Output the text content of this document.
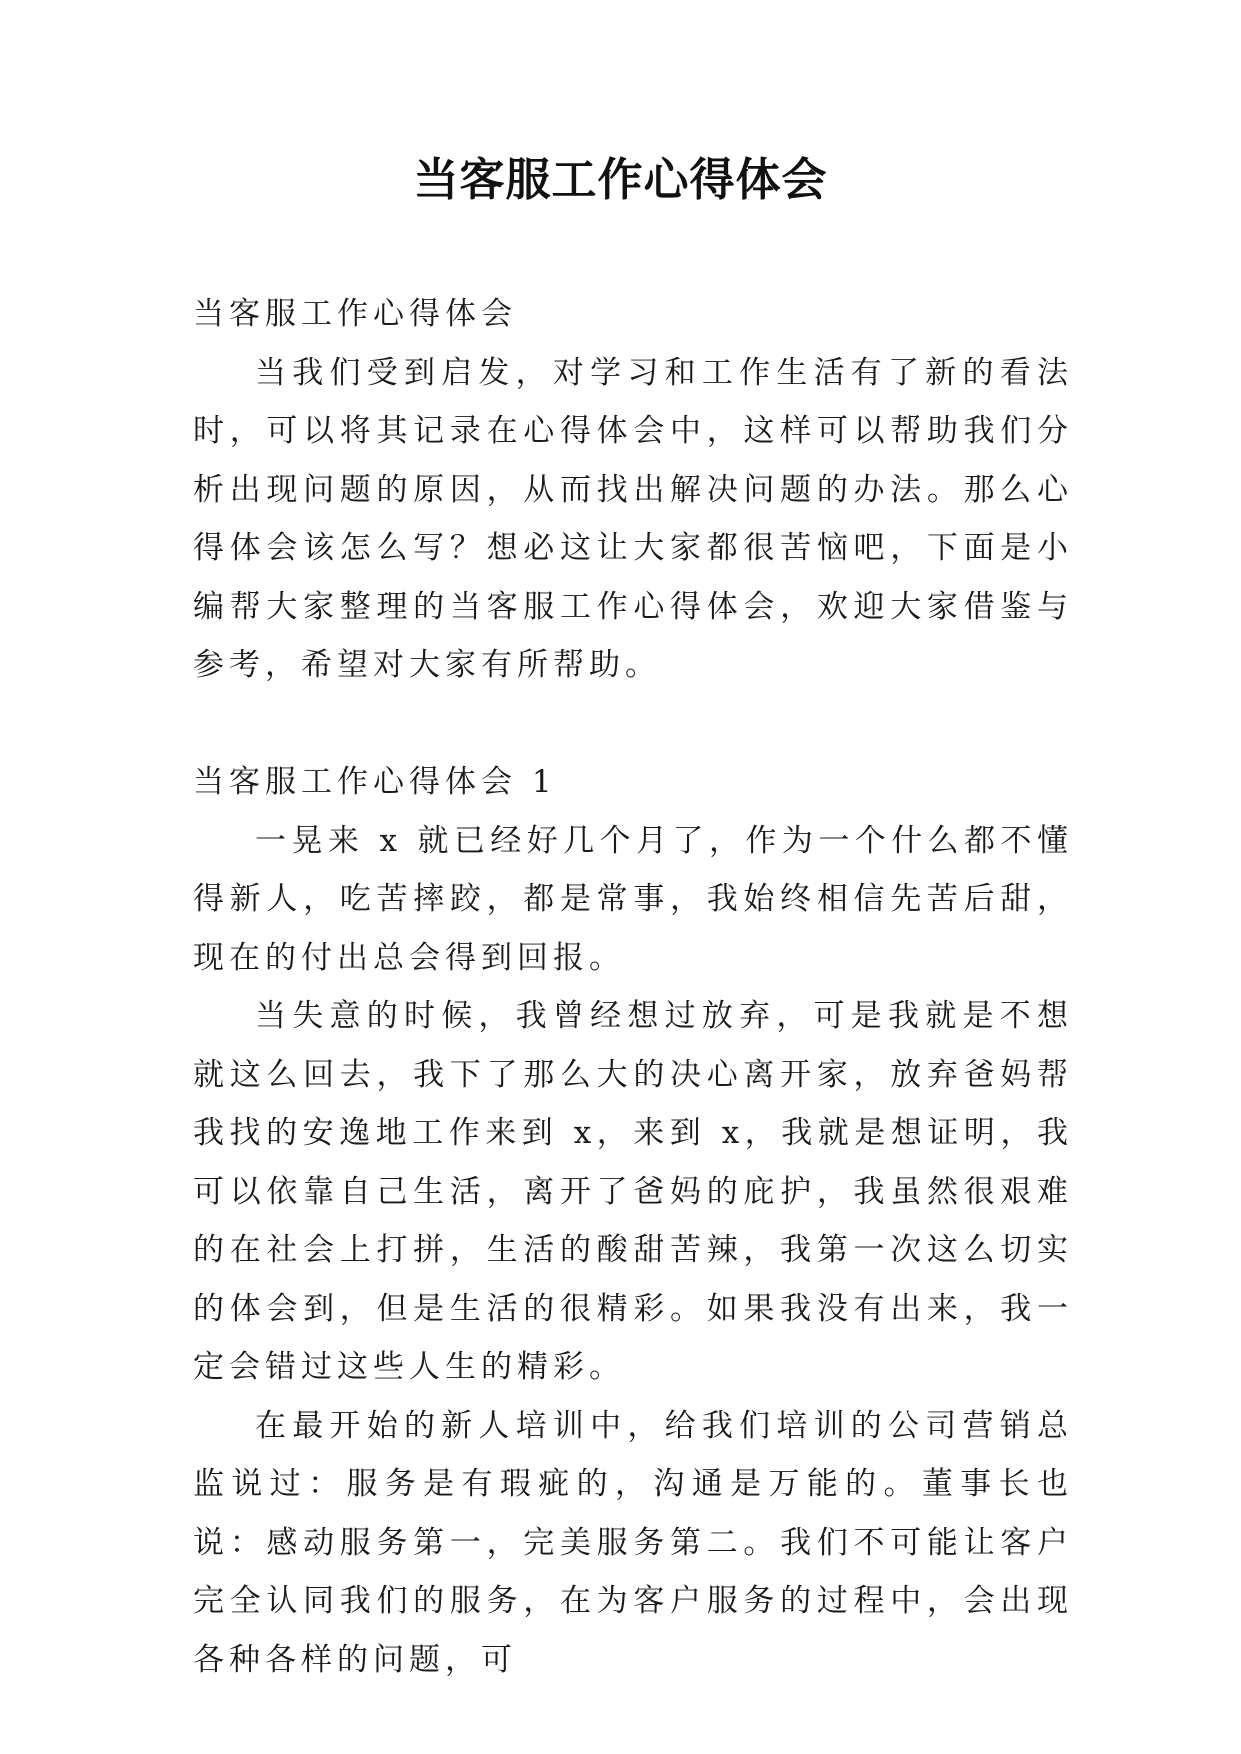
当客服工作心得体会

当客服工作心得体会

当我们受到启发，对学习和工作生活有了新的看法时，可以将其记录在心得体会中，这样可以帮助我们分析出现问题的原因，从而找出解决问题的办法。那么心得体会该怎么写？想必这让大家都很苦恼吧，下面是小编帮大家整理的当客服工作心得体会，欢迎大家借鉴与参考，希望对大家有所帮助。

当客服工作心得体会 1

一晃来 x 就已经好几个月了，作为一个什么都不懂得新人，吃苦摔跤，都是常事，我始终相信先苦后甜，现在的付出总会得到回报。

当失意的时候，我曾经想过放弃，可是我就是不想就这么回去，我下了那么大的决心离开家，放弃爸妈帮我找的安逸地工作来到 x，来到 x，我就是想证明，我可以依靠自己生活，离开了爸妈的庇护，我虽然很艰难的在社会上打拼，生活的酸甜苦辣，我第一次这么切实的体会到，但是生活的很精彩。如果我没有出来，我一定会错过这些人生的精彩。

在最开始的新人培训中，给我们培训的公司营销总监说过：服务是有瑕疵的，沟通是万能的。董事长也说：感动服务第一，完美服务第二。我们不可能让客户完全认同我们的服务，在为客户服务的过程中，会出现各种各样的问题，可
